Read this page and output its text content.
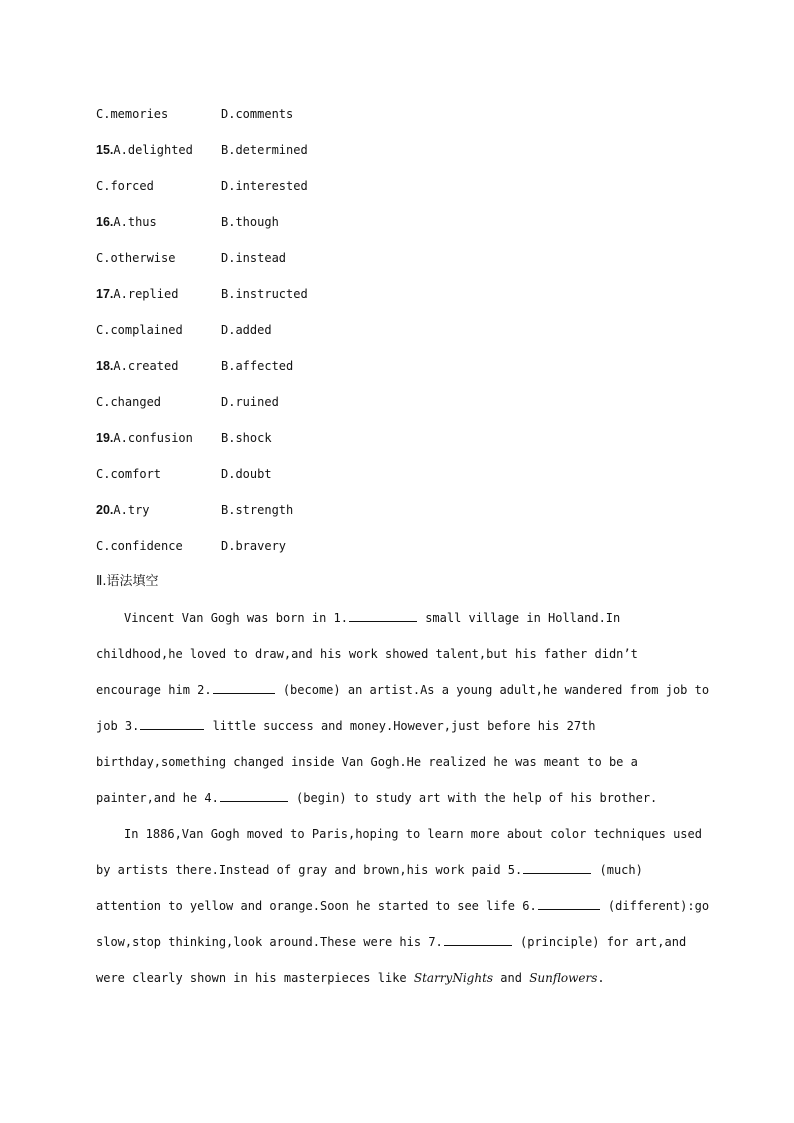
C.memories	D.comments
15.A.delighted B.determined
C.forced	D.interested
16.A.thus	B.though
C.otherwise	D.instead
17.A.replied	B.instructed
C.complained	D.added
18.A.created	B.affected
C.changed	D.ruined
19.A.confusion B.shock
C.comfort	D.doubt
20.A.try	B.strength
C.confidence	D.bravery
Ⅱ.语法填空
Vincent Van Gogh was born in 1.	small village in Holland.In
childhood,he loved to draw,and his work showed talent,but his father didn’t
encourage him 2.	(become) an artist.As a young adult,he wandered from job to
job 3.	little success and money.However,just before his 27th
birthday,something changed inside Van Gogh.He realized he was meant to be a
painter,and he 4.	(begin) to study art with the help of his brother.
In 1886,Van Gogh moved to Paris,hoping to learn more about color techniques used
by artists there.Instead of gray and brown,his work paid 5.	(much)
attention to yellow and orange.Soon he started to see life 6.	(different):go
slow,stop thinking,look around.These were his 7.	(principle) for art,and
were clearly shown in his masterpieces like StarryNights and Sunflowers.
